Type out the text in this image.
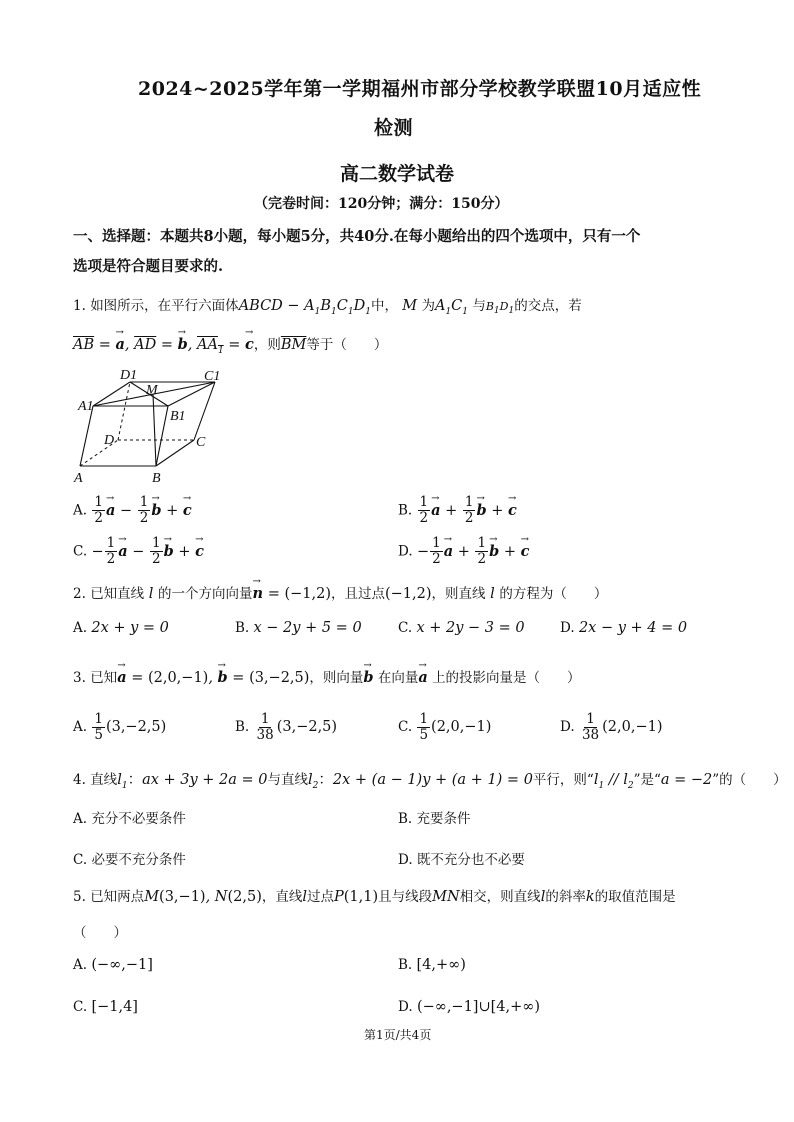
2024~2025学年第一学期福州市部分学校教学联盟10月适应性
检测
高二数学试卷
（完卷时间：120分钟；满分：150分）
一、选择题：本题共8小题，每小题5分，共40分.在每小题给出的四个选项中，只有一个
选项是符合题目要求的.
1. 如图所示，在平行六面体ABCD − $A_1B_1C_1D_1$中， M 为$A_1C_1$ 与$B_1D_1$的交点，若
$\overline{AB}$ = → a, $\overline{AD}$ = → b, $AA_1$ = → c，则$\overline{BM}$等于（　　）
D1
M
C1
A1
B1
D	C
A	B
A. $\frac{1}{2} \to a - \frac{1}{2} \to b$ + → c	B. $\frac{1}{2} \to a + \frac{1}{2} \to b$ + → c
C. − $\frac{1}{2} \to a - \frac{1}{2} \to b$ + → c	D. − $\frac{1}{2} \to a + \frac{1}{2} \to b$ + → c
2. 已知直线 l 的一个方向向量→ n = (−1,2)，且过点(−1,2)，则直线 l 的方程为（　　）
A. 2x + y = 0	B. x − 2y + 5 = 0	C. x + 2y − 3 = 0	D. 2x − y + 4 = 0
3. 已知→ a = (2,0,−1), → b = (3,−2,5)，则向量→ b 在向量→ a 上的投影向量是（　　）
A. $\frac{1}{5} (3,-2,5)$	B. $\frac{1}{38} (3,-2,5)$	C. $\frac{1}{5} (2,0,-1)$	D. $\frac{1}{38} (2,0,-1)$
4. 直线$l_1$：ax + 3y + 2a = 0与直线$l_2$：2x + (a − 1)y + (a + 1) = 0平行，则“$l_1 // l_2$”是“a = −2”的（　　）
A. 充分不必要条件	B. 充要条件
C. 必要不充分条件	D. 既不充分也不必要
5. 已知两点M(3,−1), N(2,5)，直线l过点P(1,1)且与线段MN相交，则直线l的斜率k的取值范围是
（　　）
A. (−∞,−1]	B. [4,+∞)
C. [−1,4]	D. (−∞,−1]∪[4,+∞)
第1页/共4页
